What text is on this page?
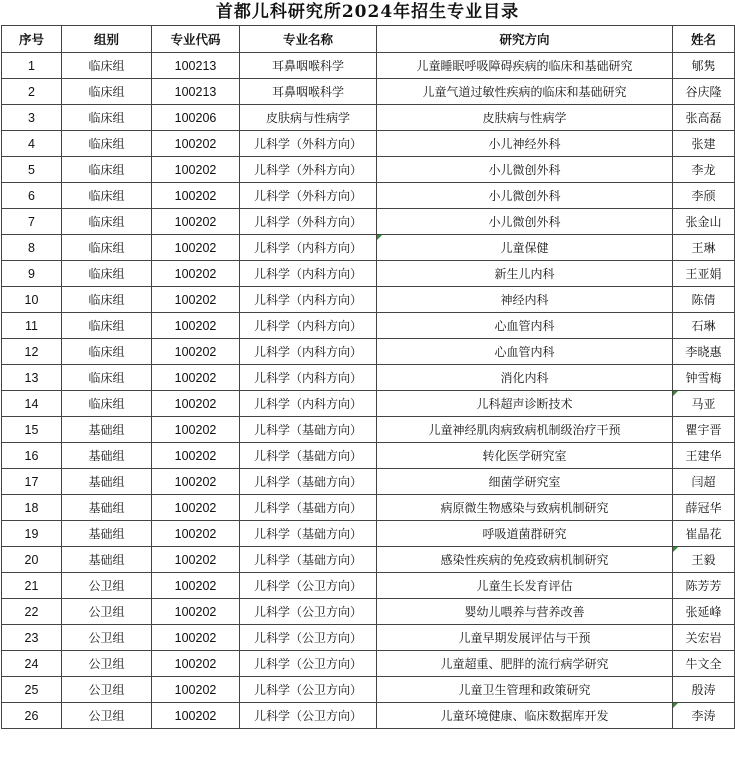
首都儿科研究所2024年招生专业目录
序号	组别	专业代码	专业名称	研究方向	姓名
1	临床组	100213	耳鼻咽喉科学	儿童睡眠呼吸障碍疾病的临床和基础研究	郇隽
2	临床组	100213	耳鼻咽喉科学	儿童气道过敏性疾病的临床和基础研究	谷庆隆
3	临床组	100206	皮肤病与性病学	皮肤病与性病学	张高磊
4	临床组	100202	儿科学（外科方向）	小儿神经外科	张建
5	临床组	100202	儿科学（外科方向）	小儿微创外科	李龙
6	临床组	100202	儿科学（外科方向）	小儿微创外科	李颀
7	临床组	100202	儿科学（外科方向）	小儿微创外科	张金山
8	临床组	100202	儿科学（内科方向）	儿童保健	王琳
9	临床组	100202	儿科学（内科方向）	新生儿内科	王亚娟
10	临床组	100202	儿科学（内科方向）	神经内科	陈倩
11	临床组	100202	儿科学（内科方向）	心血管内科	石琳
12	临床组	100202	儿科学（内科方向）	心血管内科	李晓惠
13	临床组	100202	儿科学（内科方向）	消化内科	钟雪梅
14	临床组	100202	儿科学（内科方向）	儿科超声诊断技术	马亚
15	基础组	100202	儿科学（基础方向）	儿童神经肌肉病致病机制级治疗干预	瞿宇晋
16	基础组	100202	儿科学（基础方向）	转化医学研究室	王建华
17	基础组	100202	儿科学（基础方向）	细菌学研究室	闫超
18	基础组	100202	儿科学（基础方向）	病原微生物感染与致病机制研究	薛冠华
19	基础组	100202	儿科学（基础方向）	呼吸道菌群研究	崔晶花
20	基础组	100202	儿科学（基础方向）	感染性疾病的免疫致病机制研究	王毅
21	公卫组	100202	儿科学（公卫方向）	儿童生长发育评估	陈芳芳
22	公卫组	100202	儿科学（公卫方向）	婴幼儿喂养与营养改善	张延峰
23	公卫组	100202	儿科学（公卫方向）	儿童早期发展评估与干预	关宏岩
24	公卫组	100202	儿科学（公卫方向）	儿童超重、肥胖的流行病学研究	牛文全
25	公卫组	100202	儿科学（公卫方向）	儿童卫生管理和政策研究	殷涛
26	公卫组	100202	儿科学（公卫方向）	儿童环境健康、临床数据库开发	李涛
